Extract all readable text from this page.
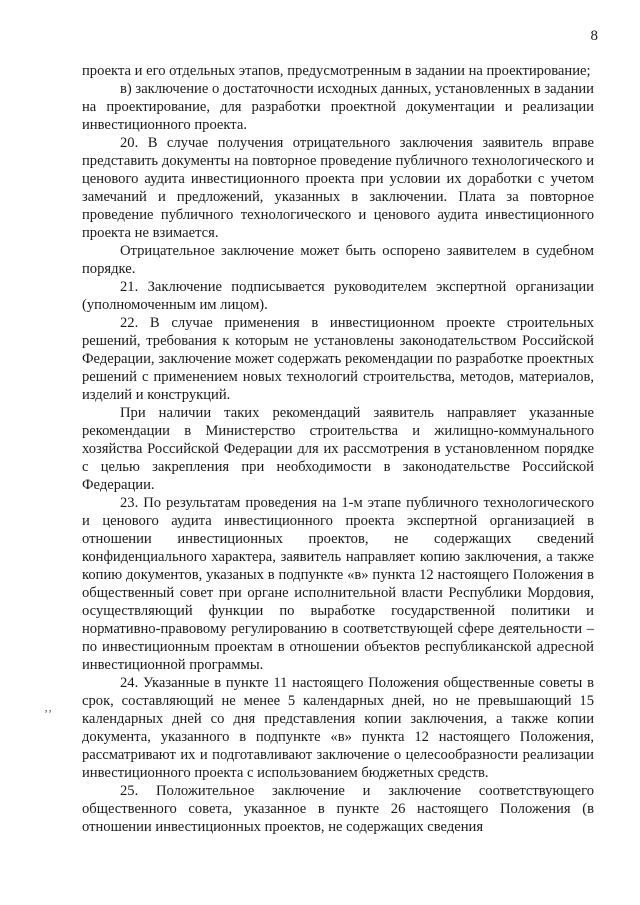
8
‚‚

проекта и его отдельных этапов, предусмотренным в задании на проектирование;

в) заключение о достаточности исходных данных, установленных в задании на проектирование, для разработки проектной документации и реализации инвестиционного проекта.

20. В случае получения отрицательного заключения заявитель вправе представить документы на повторное проведение публичного технологического и ценового аудита инвестиционного проекта при условии их доработки с учетом замечаний и предложений, указанных в заключении. Плата за повторное проведение публичного технологического и ценового аудита инвестиционного проекта не взимается.

Отрицательное заключение может быть оспорено заявителем в судебном порядке.

21. Заключение подписывается руководителем экспертной организации (уполномоченным им лицом).

22. В случае применения в инвестиционном проекте строительных решений, требования к которым не установлены законодательством Российской Федерации, заключение может содержать рекомендации по разработке проектных решений с применением новых технологий строительства, методов, материалов, изделий и конструкций.

При наличии таких рекомендаций заявитель направляет указанные рекомендации в Министерство строительства и жилищно-коммунального хозяйства Российской Федерации для их рассмотрения в установленном порядке с целью закрепления при необходимости в законодательстве Российской Федерации.

23. По результатам проведения на 1-м этапе публичного технологического и ценового аудита инвестиционного проекта экспертной организацией в отношении инвестиционных проектов, не содержащих сведений конфиденциального характера, заявитель направляет копию заключения, а также копию документов, указаных в подпункте «в» пункта 12 настоящего Положения в общественный совет при органе исполнительной власти Республики Мордовия, осуществляющий функции по выработке государственной политики и нормативно-правовому регулированию в соответствующей сфере деятельности – по инвестиционным проектам в отношении объектов республиканской адресной инвестиционной программы.

24. Указанные в пункте 11 настоящего Положения общественные советы в срок, составляющий не менее 5 календарных дней, но не превышающий 15 календарных дней со дня представления копии заключения, а также копии документа, указанного в подпункте «в» пункта 12 настоящего Положения, рассматривают их и подготавливают заключение о целесообразности реализации инвестиционного проекта с использованием бюджетных средств.

25. Положительное заключение и заключение соответствующего общественного совета, указанное в пункте 26 настоящего Положения (в отношении инвестиционных проектов, не содержащих сведения
